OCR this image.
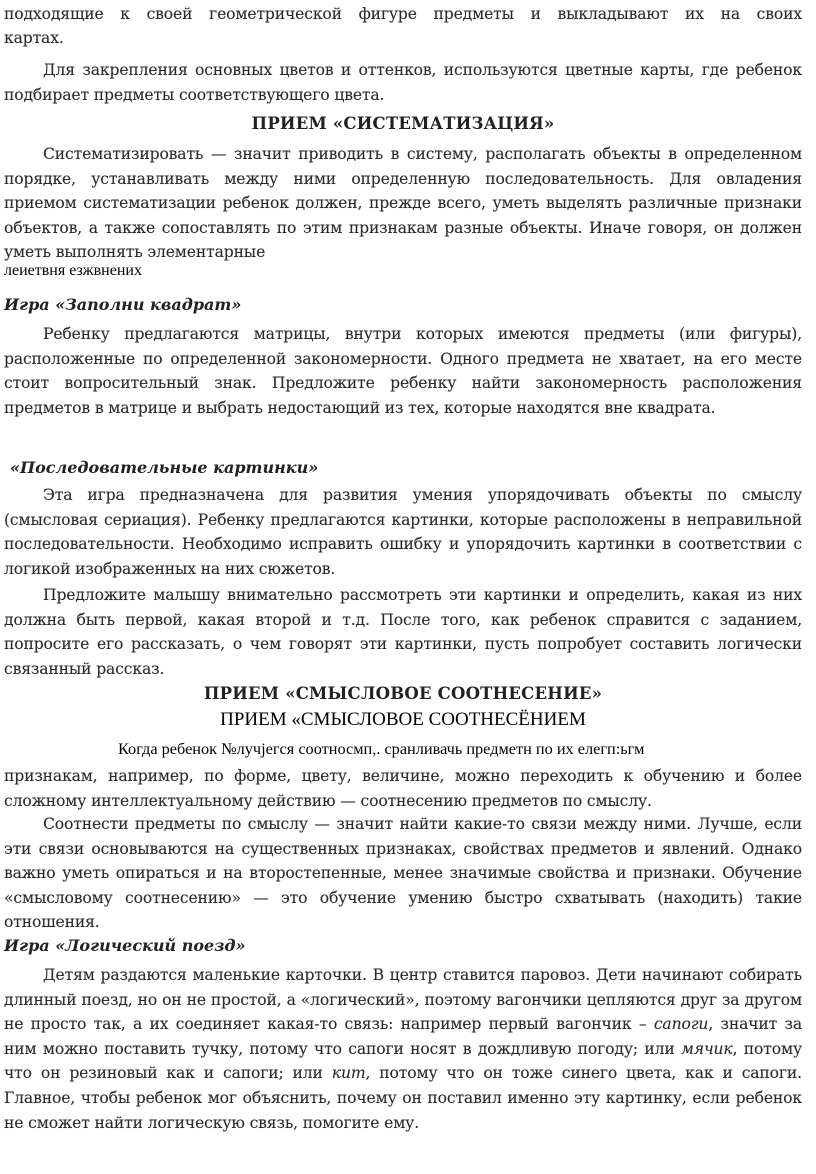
подходящие к своей геометрической фигуре предметы и выкладывают их на своих

картах.

Для закрепления основных цветов и оттенков, используются цветные карты, где ребенок подбирает предметы соответствующего цвета.

ПРИЕМ «СИСТЕМАТИЗАЦИЯ»

Систематизировать — значит приводить в систему, располагать объекты в определенном порядке, устанавливать между ними определенную последовательность. Для овладения приемом систематизации ребенок должен, прежде всего, уметь выделять различные признаки объектов, а также сопоставлять по этим признакам разные объекты. Иначе говоря, он должен уметь выполнять элементарные

леиетвня езжвнених
Игра «Заполни квадрат»

Ребенку предлагаются матрицы, внутри которых имеются предметы (или фигуры), расположенные по определенной закономерности. Одного предмета не хватает, на его месте стоит вопросительный знак. Предложите ребенку найти закономерность расположения предметов в матрице и выбрать недостающий из тех, которые находятся вне квадрата.

«Последовательные картинки»

Эта игра предназначена для развития умения упорядочивать объекты по смыслу (смысловая сериация). Ребенку предлагаются картинки, которые расположены в неправильной последовательности. Необходимо исправить ошибку и упорядочить картинки в соответствии с логикой изображенных на них сюжетов.

Предложите малышу внимательно рассмотреть эти картинки и определить, какая из них должна быть первой, какая второй и т.д. После того, как ребенок справится с заданием, попросите его рассказать, о чем говорят эти картинки, пусть попробует составить логически связанный рассказ.

ПРИЕМ «СМЫСЛОВОЕ СООТНЕСЕНИЕ»
ПРИЕМ «СМЫСЛОВОЕ СООТНЕСЁНИЕМ
Когда ребенок №лучјегся соотносмп,. сранливачь предметн по их елегп:ьгм

признакам, например, по форме, цвету, величине, можно переходить к обучению и более сложному интеллектуальному действию — соотнесению предметов по смыслу.

Соотнести предметы по смыслу — значит найти какие-то связи между ними. Лучше, если эти связи основываются на существенных признаках, свойствах предметов и явлений. Однако важно уметь опираться и на второстепенные, менее значимые свойства и признаки. Обучение «смысловому соотнесению» — это обучение умению быстро схватывать (находить) такие отношения.

Игра «Логический поезд»

Детям раздаются маленькие карточки. В центр ставится паровоз. Дети начинают собирать длинный поезд, но он не простой, а «логический», поэтому вагончики цепляются друг за другом не просто так, а их соединяет какая-то связь: например первый вагончик – сапоги, значит за ним можно поставить тучку, потому что сапоги носят в дождливую погоду; или мячик, потому что он резиновый как и сапоги; или кит, потому что он тоже синего цвета, как и сапоги. Главное, чтобы ребенок мог объяснить, почему он поставил именно эту картинку, если ребенок не сможет найти логическую связь, помогите ему.
